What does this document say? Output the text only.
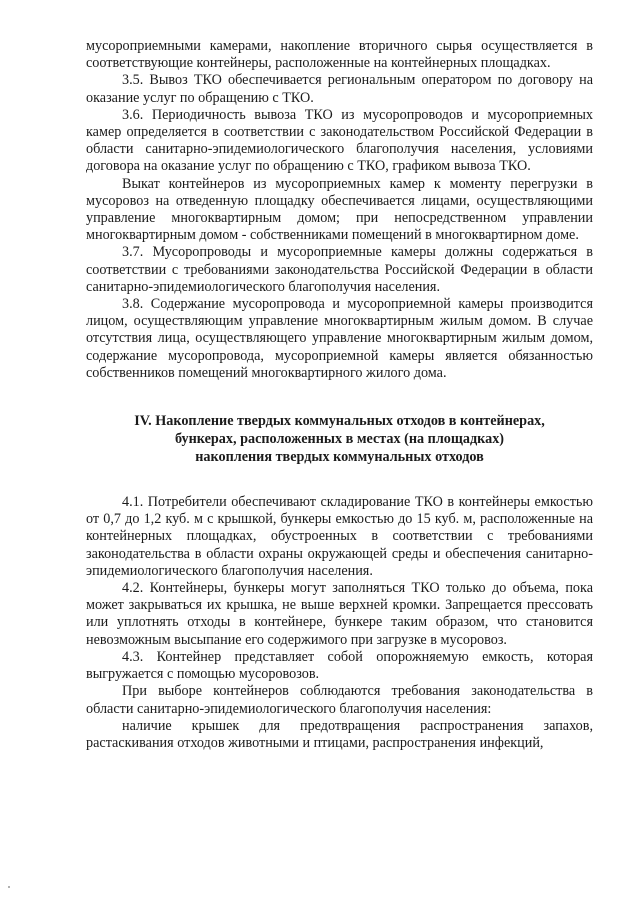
мусороприемными камерами, накопление вторичного сырья осуществляется в соответствующие контейнеры, расположенные на контейнерных площадках.

3.5. Вывоз ТКО обеспечивается региональным оператором по договору на оказание услуг по обращению с ТКО.

3.6. Периодичность вывоза ТКО из мусоропроводов и мусороприемных камер определяется в соответствии с законодательством Российской Федерации в области санитарно-эпидемиологического благополучия населения, условиями договора на оказание услуг по обращению с ТКО, графиком вывоза ТКО.

Выкат контейнеров из мусороприемных камер к моменту перегрузки в мусоровоз на отведенную площадку обеспечивается лицами, осуществляющими управление многоквартирным домом; при непосредственном управлении многоквартирным домом - собственниками помещений в многоквартирном доме.

3.7. Мусоропроводы и мусороприемные камеры должны содержаться в соответствии с требованиями законодательства Российской Федерации в области санитарно-эпидемиологического благополучия населения.

3.8. Содержание мусоропровода и мусороприемной камеры производится лицом, осуществляющим управление многоквартирным жилым домом. В случае отсутствия лица, осуществляющего управление многоквартирным жилым домом, содержание мусоропровода, мусороприемной камеры является обязанностью собственников помещений многоквартирного жилого дома.

IV. Накопление твердых коммунальных отходов в контейнерах,
бункерах, расположенных в местах (на площадках)
накопления твердых коммунальных отходов

4.1. Потребители обеспечивают складирование ТКО в контейнеры емкостью от 0,7 до 1,2 куб. м с крышкой, бункеры емкостью до 15 куб. м, расположенные на контейнерных площадках, обустроенных в соответствии с требованиями законодательства в области охраны окружающей среды и обеспечения санитарно-эпидемиологического благополучия населения.

4.2. Контейнеры, бункеры могут заполняться ТКО только до объема, пока может закрываться их крышка, не выше верхней кромки. Запрещается прессовать или уплотнять отходы в контейнере, бункере таким образом, что становится невозможным высыпание его содержимого при загрузке в мусоровоз.

4.3. Контейнер представляет собой опорожняемую емкость, которая выгружается с помощью мусоровозов.

При выборе контейнеров соблюдаются требования законодательства в области санитарно-эпидемиологического благополучия населения:

наличие крышек для предотвращения распространения запахов, растаскивания отходов животными и птицами, распространения инфекций,
